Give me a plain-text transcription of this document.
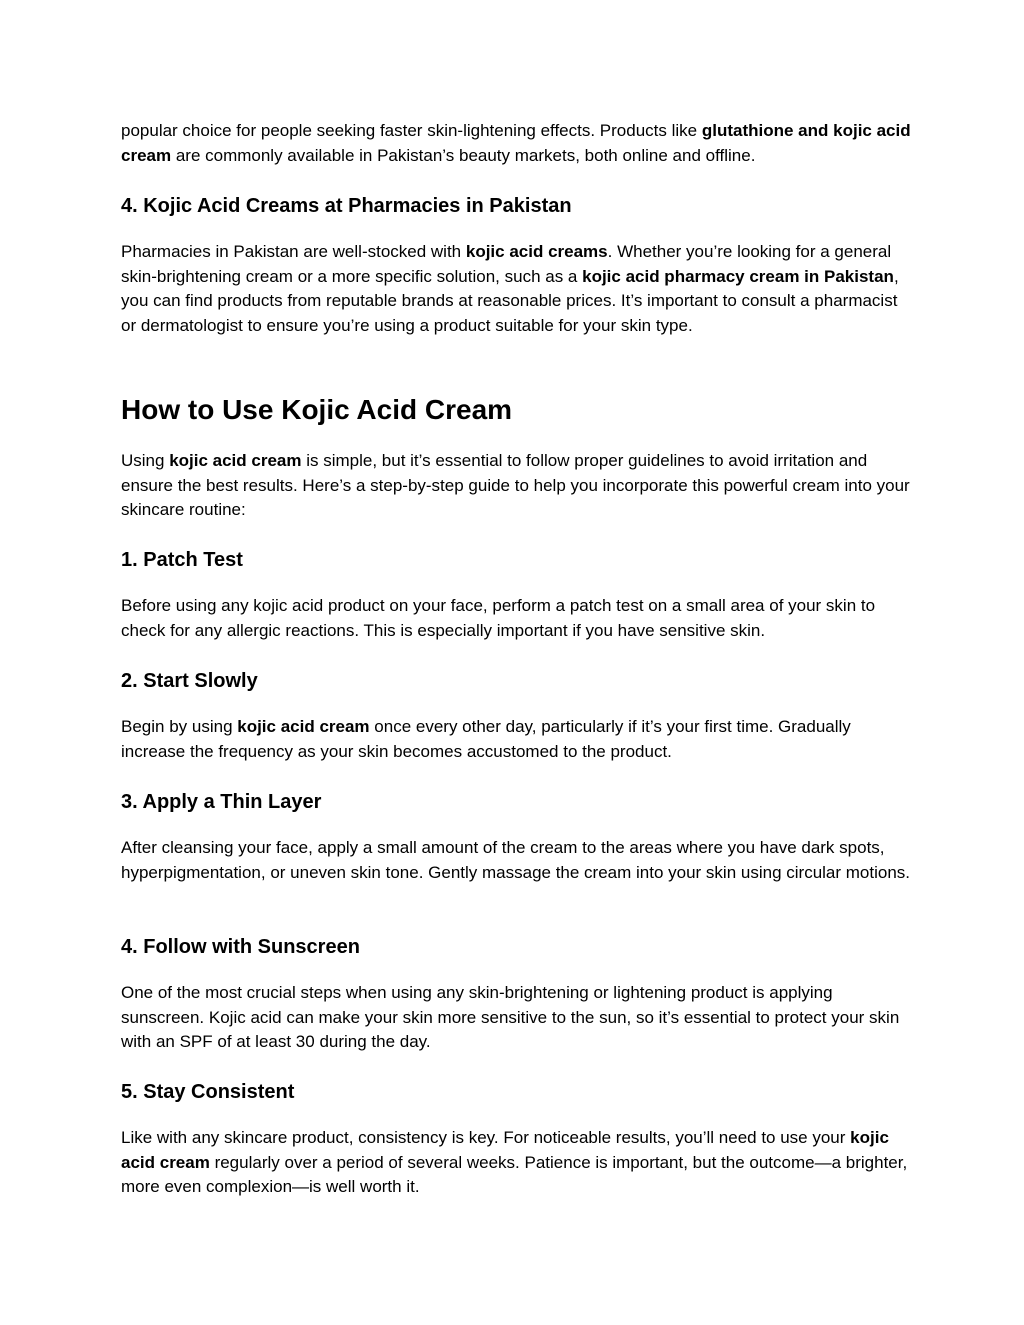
popular choice for people seeking faster skin-lightening effects. Products like glutathione and kojic acid cream are commonly available in Pakistan’s beauty markets, both online and offline.

4. Kojic Acid Creams at Pharmacies in Pakistan

Pharmacies in Pakistan are well-stocked with kojic acid creams. Whether you’re looking for a general skin-brightening cream or a more specific solution, such as a kojic acid pharmacy cream in Pakistan, you can find products from reputable brands at reasonable prices. It’s important to consult a pharmacist or dermatologist to ensure you’re using a product suitable for your skin type.

How to Use Kojic Acid Cream

Using kojic acid cream is simple, but it’s essential to follow proper guidelines to avoid irritation and ensure the best results. Here’s a step-by-step guide to help you incorporate this powerful cream into your skincare routine:

1. Patch Test

Before using any kojic acid product on your face, perform a patch test on a small area of your skin to check for any allergic reactions. This is especially important if you have sensitive skin.

2. Start Slowly

Begin by using kojic acid cream once every other day, particularly if it’s your first time. Gradually increase the frequency as your skin becomes accustomed to the product.

3. Apply a Thin Layer

After cleansing your face, apply a small amount of the cream to the areas where you have dark spots, hyperpigmentation, or uneven skin tone. Gently massage the cream into your skin using circular motions.

4. Follow with Sunscreen

One of the most crucial steps when using any skin-brightening or lightening product is applying sunscreen. Kojic acid can make your skin more sensitive to the sun, so it’s essential to protect your skin with an SPF of at least 30 during the day.

5. Stay Consistent

Like with any skincare product, consistency is key. For noticeable results, you’ll need to use your kojic acid cream regularly over a period of several weeks. Patience is important, but the outcome—a brighter, more even complexion—is well worth it.
